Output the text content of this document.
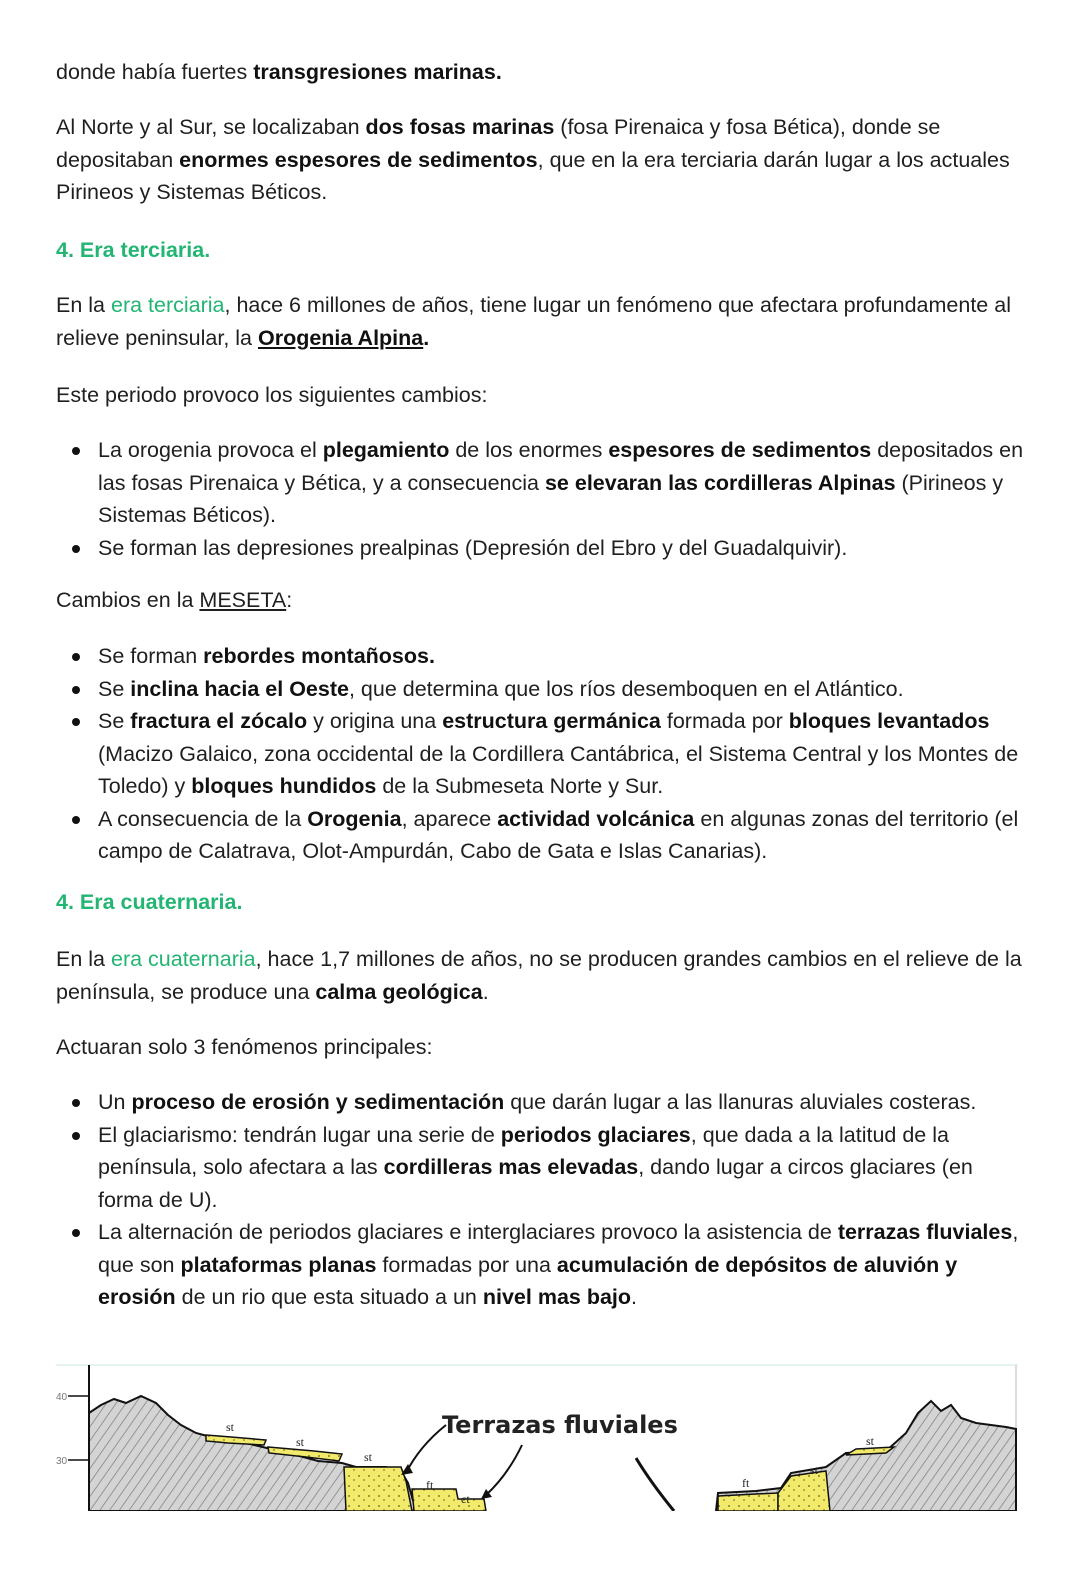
donde había fuertes transgresiones marinas.

Al Norte y al Sur, se localizaban dos fosas marinas (fosa Pirenaica y fosa Bética), donde se depositaban enormes espesores de sedimentos, que en la era terciaria darán lugar a los actuales Pirineos y Sistemas Béticos.

4. Era terciaria.

En la era terciaria, hace 6 millones de años, tiene lugar un fenómeno que afectara profundamente al relieve peninsular, la Orogenia Alpina.

Este periodo provoco los siguientes cambios:

La orogenia provoca el plegamiento de los enormes espesores de sedimentos depositados en las fosas Pirenaica y Bética, y a consecuencia se elevaran las cordilleras Alpinas (Pirineos y Sistemas Béticos).
Se forman las depresiones prealpinas (Depresión del Ebro y del Guadalquivir).

Cambios en la MESETA:

Se forman rebordes montañosos.
Se inclina hacia el Oeste, que determina que los ríos desemboquen en el Atlántico.
Se fractura el zócalo y origina una estructura germánica formada por bloques levantados (Macizo Galaico, zona occidental de la Cordillera Cantábrica, el Sistema Central y los Montes de Toledo) y bloques hundidos de la Submeseta Norte y Sur.
A consecuencia de la Orogenia, aparece actividad volcánica en algunas zonas del territorio (el campo de Calatrava, Olot-Ampurdán, Cabo de Gata e Islas Canarias).

4. Era cuaternaria.

En la era cuaternaria, hace 1,7 millones de años, no se producen grandes cambios en el relieve de la península, se produce una calma geológica.

Actuaran solo 3 fenómenos principales:

Un proceso de erosión y sedimentación que darán lugar a las llanuras aluviales costeras.
El glaciarismo: tendrán lugar una serie de periodos glaciares, que dada a la latitud de la península, solo afectara a las cordilleras mas elevadas, dando lugar a circos glaciares (en forma de U).
La alternación de periodos glaciares e interglaciares provoco la asistencia de terrazas fluviales, que son plataformas planas formadas por una acumulación de depósitos de aluvión y erosión de un rio que esta situado a un nivel mas bajo.
40
30
Terrazas fluviales
st
st
st
ft
ct
ft
st
st
